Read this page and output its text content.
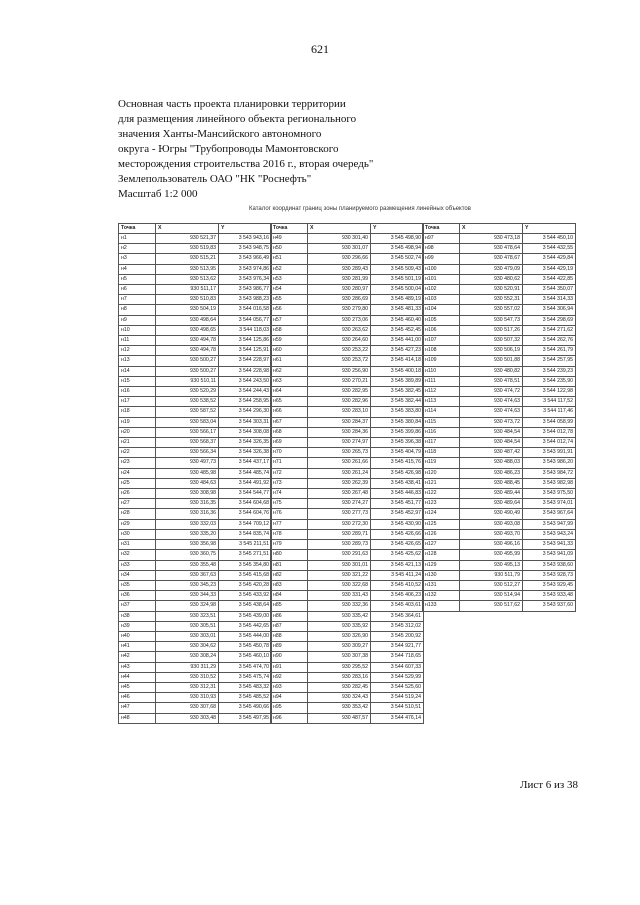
621
Основная часть проекта планировки территории
для размещения линейного объекта регионального
значения Ханты-Мансийского автономного
округа - Югры "Трубопроводы Мамонтовского
месторождения строительства 2016 г., вторая очередь"
Землепользователь ОАО "НК "Роснефть"
Масштаб 1:2 000
Каталог координат границ зоны планируемого размещения линейных объектов
Точка	X	Y
н1	930 521,37	3 543 943,16
н2	930 519,83	3 543 948,75
н3	930 515,21	3 543 966,49
н4	930 513,95	3 543 974,86
н5	930 513,62	3 543 976,34
н6	930 511,17	3 543 986,77
н7	930 510,83	3 543 988,23
н8	930 504,19	3 544 016,58
н9	930 498,64	3 544 056,77
н10	930 498,65	3 544 118,03
н11	930 494,78	3 544 125,86
н12	930 494,78	3 544 125,91
н13	930 500,27	3 544 228,97
н14	930 500,27	3 544 228,98
н15	930 510,11	3 544 243,50
н16	930 520,29	3 544 244,43
н17	930 538,52	3 544 258,95
н18	930 587,52	3 544 296,30
н19	930 583,04	3 544 303,31
н20	930 566,17	3 544 308,08
н21	930 568,37	3 544 326,35
н22	930 566,34	3 544 326,38
н23	930 497,73	3 544 437,17
н24	930 485,98	3 544 485,74
н25	930 484,63	3 544 491,92
н26	930 308,98	3 544 544,77
н27	930 316,35	3 544 604,68
н28	930 316,36	3 544 604,76
н29	930 332,03	3 544 709,12
н30	930 335,20	3 544 835,74
н31	930 356,98	3 545 211,51
н32	930 360,75	3 545 271,51
н33	930 355,48	3 545 354,80
н34	930 367,63	3 545 415,68
н35	930 345,23	3 545 420,28
н36	930 344,33	3 545 433,92
н37	930 324,98	3 545 438,64
н38	930 323,51	3 545 439,00
н39	930 305,51	3 545 442,65
н40	930 303,01	3 545 444,00
н41	930 304,62	3 545 450,78
н42	930 308,24	3 545 460,10
н43	930 311,29	3 545 474,70
н44	930 310,52	3 545 475,74
н45	930 312,31	3 545 483,32
н46	930 310,93	3 545 485,52
н47	930 307,68	3 545 490,66
н48	930 303,48	3 545 497,95
Точка	X	Y
н49	930 301,40	3 545 498,90
н50	930 301,07	3 545 498,94
н51	930 296,66	3 545 502,74
н52	930 289,43	3 545 509,43
н53	930 281,99	3 545 501,19
н54	930 280,97	3 545 500,04
н55	930 286,69	3 545 489,19
н56	930 279,80	3 545 481,33
н57	930 273,06	3 545 460,40
н58	930 263,62	3 545 452,45
н59	930 264,60	3 545 441,00
н60	930 253,22	3 545 427,23
н61	930 253,72	3 545 414,18
н62	930 256,90	3 545 400,18
н63	930 270,21	3 545 389,89
н64	930 282,95	3 545 382,45
н65	930 282,96	3 545 382,44
н66	930 283,10	3 545 383,80
н67	930 284,37	3 545 380,84
н68	930 284,36	3 545 399,86
н69	930 274,97	3 545 396,38
н70	930 265,73	3 545 404,79
н71	930 261,66	3 545 415,76
н72	930 261,24	3 545 426,98
н73	930 262,39	3 545 438,41
н74	930 267,48	3 545 446,83
н75	930 274,27	3 545 451,77
н76	930 277,73	3 545 452,97
н77	930 272,30	3 545 430,90
н78	930 289,71	3 545 426,66
н79	930 289,73	3 545 426,65
н80	930 291,63	3 545 425,62
н81	930 301,01	3 545 421,13
н82	930 321,22	3 545 411,24
н83	930 322,68	3 545 410,52
н84	930 331,43	3 545 406,23
н85	930 332,36	3 545 403,61
н86	930 335,42	3 545 364,61
н87	930 335,92	3 545 312,02
н88	930 326,90	3 545 200,92
н89	930 309,27	3 544 921,77
н90	930 307,38	3 544 718,65
н91	930 295,52	3 544 607,33
н92	930 283,16	3 544 529,99
н93	930 282,45	3 544 525,60
н94	930 324,43	3 544 519,24
н95	930 353,42	3 544 510,51
н96	930 487,57	3 544 476,14
Точка	X	Y
н97	930 473,18	3 544 450,10
н98	930 478,64	3 544 432,55
н99	930 478,67	3 544 429,84
н100	930 479,09	3 544 429,19
н101	930 480,62	3 544 422,85
н102	930 520,91	3 544 350,07
н103	930 552,31	3 544 314,33
н104	930 557,02	3 544 306,94
н105	930 547,73	3 544 298,69
н106	930 517,26	3 544 271,62
н107	930 507,32	3 544 262,76
н108	930 506,19	3 544 261,79
н109	930 501,88	3 544 257,95
н110	930 480,82	3 544 239,23
н111	930 478,51	3 544 235,90
н112	930 474,72	3 544 122,98
н113	930 474,63	3 544 117,52
н114	930 474,63	3 544 117,46
н115	930 473,72	3 544 058,99
н116	930 484,54	3 544 012,78
н117	930 484,54	3 544 012,74
н118	930 487,42	3 543 991,91
н119	930 488,03	3 543 986,20
н120	930 486,23	3 543 984,72
н121	930 488,45	3 543 982,98
н122	930 489,44	3 543 975,50
н123	930 489,64	3 543 974,01
н124	930 490,49	3 543 967,64
н125	930 493,08	3 543 947,99
н126	930 493,70	3 543 943,24
н127	930 496,16	3 543 941,33
н128	930 495,99	3 543 941,09
н129	930 495,13	3 543 938,60
н130	930 511,79	3 543 928,73
н131	930 512,27	3 543 929,45
н132	930 514,94	3 543 933,48
н133	930 517,62	3 543 937,60
Лист 6 из 38
